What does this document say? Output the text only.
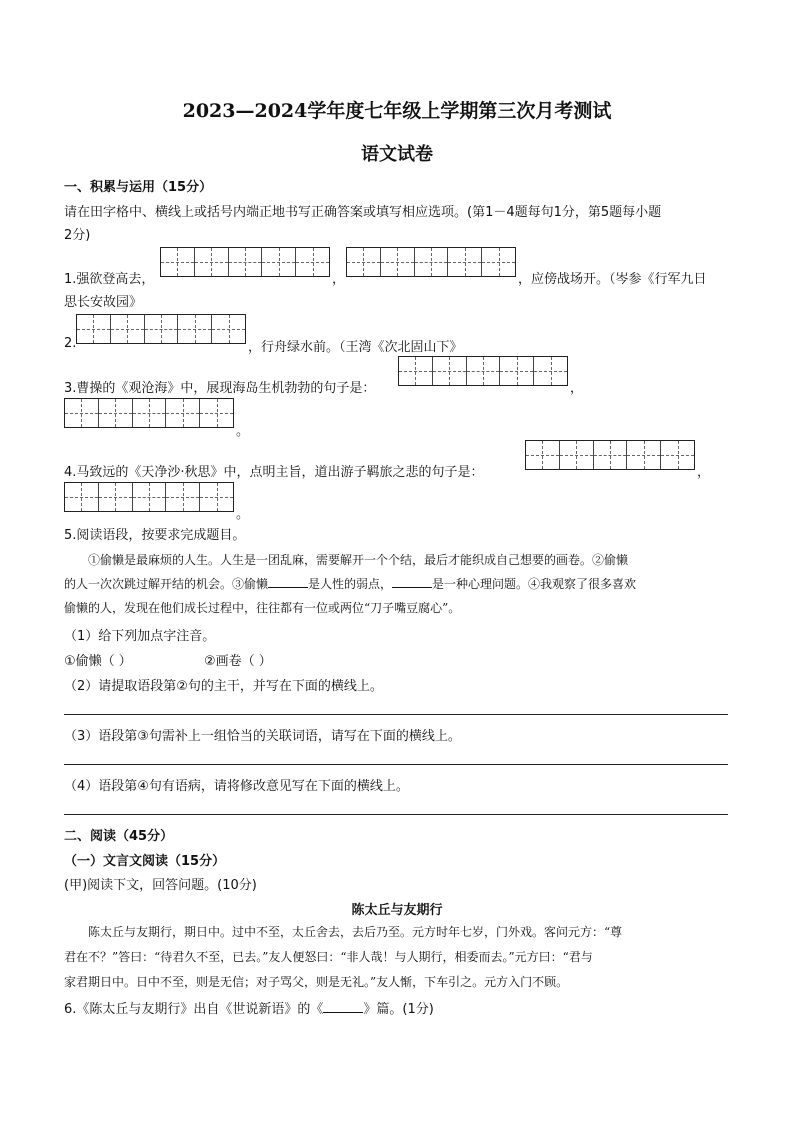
2023—2024学年度七年级上学期第三次月考测试
语文试卷
一、积累与运用（15分）
请在田字格中、横线上或括号内端正地书写正确答案或填写相应选项。(第1－4题每句1分，第5题每小题
2分)
1.强欲登高去，	，	，应傍战场开。（岑参《行军九日
思长安故园》
2.	，行舟绿水前。（王湾《次北固山下》
3.曹操的《观沧海》中，展现海岛生机勃勃的句子是：	，
。
4.马致远的《天净沙·秋思》中，点明主旨，道出游子羁旅之悲的句子是：	，
。
5.阅读语段，按要求完成题目。
①偷懒是最麻烦的人生。人生是一团乱麻，需要解开一个个结，最后才能织成自己想要的画卷。②偷懒
的人一次次跳过解开结的机会。③偷懒	是人性的弱点，	是一种心理问题。④我观察了很多喜欢
偷懒的人，发现在他们成长过程中，往往都有一位或两位“刀子嘴豆腐心”。
（1）给下列加点字注音。
①偷懒（ ）	②画卷（ ）
（2）请提取语段第②句的主干，并写在下面的横线上。
（3）语段第③句需补上一组恰当的关联词语，请写在下面的横线上。
（4）语段第④句有语病，请将修改意见写在下面的横线上。
二、阅读（45分）
（一）文言文阅读（15分）
(甲)阅读下文，回答问题。(10分)
陈太丘与友期行
陈太丘与友期行，期日中。过中不至，太丘舍去，去后乃至。元方时年七岁，门外戏。客问元方：“尊
君在不？”答曰：“待君久不至，已去。”友人便怒曰：“非人哉！与人期行，相委而去。”元方曰：“君与
家君期日中。日中不至，则是无信；对子骂父，则是无礼。”友人惭，下车引之。元方入门不顾。
6.《陈太丘与友期行》出自《世说新语》的《	》篇。(1分)
